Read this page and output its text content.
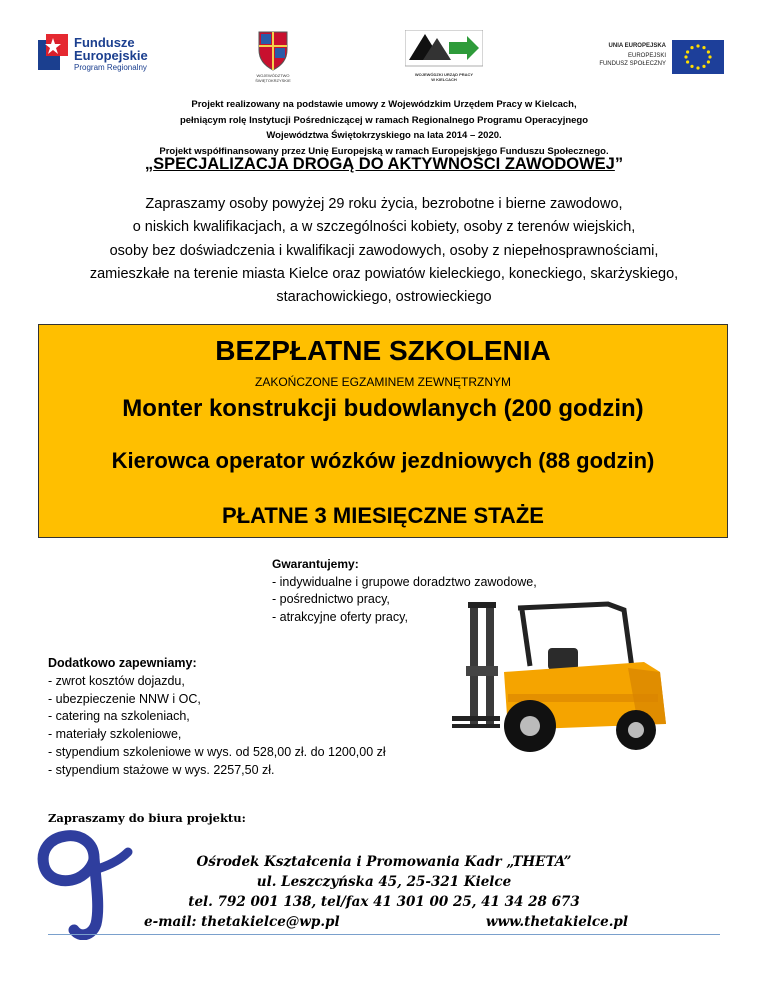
Fundusze
Europejskie
Program Regionalny
WOJEWÓDZTWO
ŚWIĘTOKRZYSKIE
WOJEWÓDZKI URZĄD PRACY
W KIELCACH
UNIA EUROPEJSKA
EUROPEJSKI
FUNDUSZ SPOŁECZNY
Projekt realizowany na podstawie umowy z Wojewódzkim Urzędem Pracy w Kielcach,
pełniącym rolę Instytucji Pośredniczącej w ramach Regionalnego Programu Operacyjnego
Województwa Świętokrzyskiego na lata 2014 – 2020.
Projekt współfinansowany przez Unię Europejską w ramach Europejskiego Funduszu Społecznego.
„SPECJALIZACJA DROGĄ DO AKTYWNOŚCI ZAWODOWEJ”
Zapraszamy osoby powyżej 29 roku życia, bezrobotne i bierne zawodowo,
o niskich kwalifikacjach, a w szczególności kobiety, osoby z terenów wiejskich,
osoby bez doświadczenia i kwalifikacji zawodowych, osoby z niepełnosprawnościami,
zamieszkałe na terenie miasta Kielce oraz powiatów kieleckiego, koneckiego, skarżyskiego,
starachowickiego, ostrowieckiego
BEZPŁATNE SZKOLENIA
ZAKOŃCZONE EGZAMINEM ZEWNĘTRZNYM
Monter konstrukcji budowlanych (200 godzin)
Kierowca operator wózków jezdniowych (88 godzin)
PŁATNE 3 MIESIĘCZNE STAŻE
Gwarantujemy:
- indywidualne i grupowe doradztwo zawodowe,
- pośrednictwo pracy,
- atrakcyjne oferty pracy,
Dodatkowo zapewniamy:
- zwrot kosztów dojazdu,
- ubezpieczenie NNW i OC,
- catering na szkoleniach,
- materiały szkoleniowe,
- stypendium szkoleniowe w wys. od 528,00 zł. do 1200,00 zł
- stypendium stażowe w wys. 2257,50 zł.
Zapraszamy do biura projektu:
Ośrodek Kształcenia i Promowania Kadr „THETA”
ul. Leszczyńska 45, 25-321 Kielce
tel. 792 001 138, tel/fax 41 301 00 25, 41 34 28 673
e-mail: thetakielce@wp.pl	www.thetakielce.pl
